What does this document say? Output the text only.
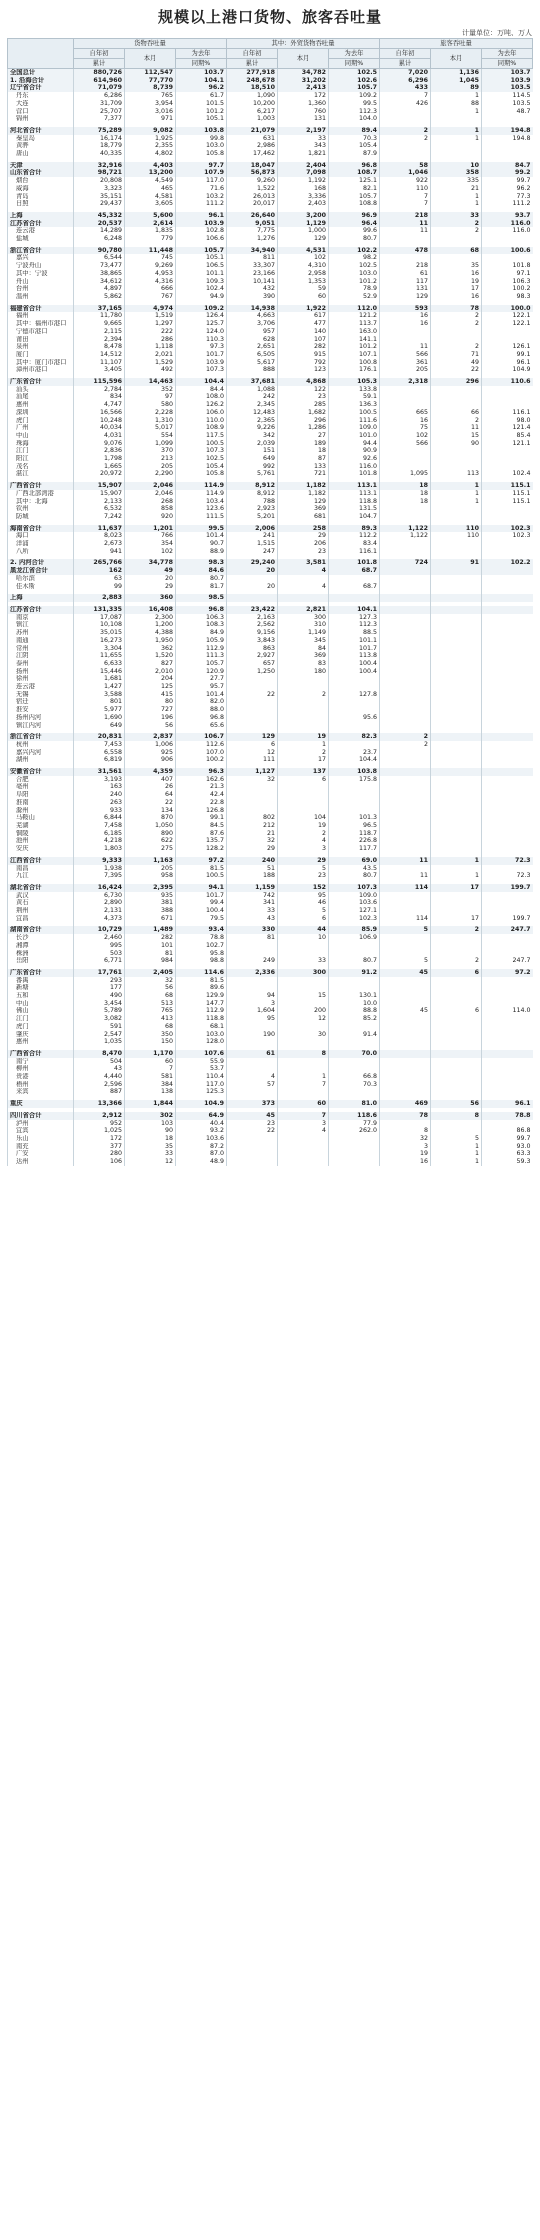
规模以上港口货物、旅客吞吐量
计量单位：万吨、万人
	货物吞吐量			其中：外贸货物吞吐量			旅客吞吐量		
	自年初	本月	为去年	自年初	本月	为去年	自年初	本月	为去年
	累计		同期%	累计		同期%	累计		同期%
全国总计	880,726	112,547	103.7	277,918	34,782	102.5	7,020	1,136	103.7
1. 沿海合计	614,960	77,770	104.1	248,678	31,202	102.6	6,296	1,045	103.9
辽宁省合计	71,079	8,739	96.2	18,510	2,413	105.7	433	89	103.5
丹东	6,286	765	61.7	1,090	172	109.2	7	1	114.5
大连	31,709	3,954	101.5	10,200	1,360	99.5	426	88	103.5
营口	25,707	3,016	101.2	6,217	760	112.3		1	48.7
锦州	7,377	971	105.1	1,003	131	104.0			

河北省合计	75,289	9,082	103.8	21,079	2,197	89.4	2	1	194.8
秦皇岛	16,174	1,925	99.8	631	33	70.3	2	1	194.8
黄骅	18,779	2,355	103.0	2,986	343	105.4			
唐山	40,335	4,802	105.8	17,462	1,821	87.9			

天津	32,916	4,403	97.7	18,047	2,404	96.8	58	10	84.7
山东省合计	98,721	13,200	107.9	56,873	7,098	108.7	1,046	358	99.2
烟台	20,808	4,549	117.0	9,260	1,192	125.1	922	335	99.7
威海	3,323	465	71.6	1,522	168	82.1	110	21	96.2
青岛	35,151	4,581	103.2	26,013	3,336	105.7	7	1	77.3
日照	29,437	3,605	111.2	20,017	2,403	108.8	7	1	111.2

上海	45,332	5,600	96.1	26,640	3,200	96.9	218	33	93.7
江苏省合计	20,537	2,614	103.9	9,051	1,129	96.4	11	2	116.0
连云港	14,289	1,835	102.8	7,775	1,000	99.6	11	2	116.0
盐城	6,248	779	106.6	1,276	129	80.7			

浙江省合计	90,780	11,448	105.7	34,940	4,531	102.2	478	68	100.6
嘉兴	6,544	745	105.1	811	102	98.2			
宁波舟山	73,477	9,269	106.5	33,307	4,310	102.5	218	35	101.8
其中：宁波	38,865	4,953	101.1	23,166	2,958	103.0	61	16	97.1
舟山	34,612	4,316	109.3	10,141	1,353	101.2	117	19	106.3
台州	4,897	666	102.4	432	59	78.9	131	17	100.2
温州	5,862	767	94.9	390	60	52.9	129	16	98.3

福建省合计	37,165	4,974	109.2	14,938	1,922	112.0	593	78	100.0
福州	11,780	1,519	126.4	4,663	617	121.2	16	2	122.1
其中：福州市港口	9,665	1,297	125.7	3,706	477	113.7	16	2	122.1
宁德市港口	2,115	222	124.0	957	140	163.0			
莆田	2,394	286	110.3	628	107	141.1			
泉州	8,478	1,118	97.3	2,651	282	101.2	11	2	126.1
厦门	14,512	2,021	101.7	6,505	915	107.1	566	71	99.1
其中：厦门市港口	11,107	1,529	103.9	5,617	792	100.8	361	49	96.1
漳州市港口	3,405	492	107.3	888	123	176.1	205	22	104.9

广东省合计	115,596	14,463	104.4	37,681	4,868	105.3	2,318	296	110.6
汕头	2,784	352	84.4	1,088	122	133.8			
汕尾	834	97	108.0	242	23	59.1			
惠州	4,747	580	126.2	2,345	285	136.3			
深圳	16,566	2,228	106.0	12,483	1,682	100.5	665	66	116.1
虎门	10,248	1,310	110.0	2,365	296	111.6	16	2	98.0
广州	40,034	5,017	108.9	9,226	1,286	109.0	75	11	121.4
中山	4,031	554	117.5	342	27	101.0	102	15	85.4
珠海	9,076	1,099	100.5	2,039	189	94.4	566	90	121.1
江门	2,836	370	107.3	151	18	90.9			
阳江	1,798	213	102.5	649	87	92.6			
茂名	1,665	205	105.4	992	133	116.0			
湛江	20,972	2,290	105.8	5,761	721	101.8	1,095	113	102.4

广西省合计	15,907	2,046	114.9	8,912	1,182	113.1	18	1	115.1
广西北部湾港	15,907	2,046	114.9	8,912	1,182	113.1	18	1	115.1
其中：北海	2,133	268	103.4	788	129	118.8	18	1	115.1
钦州	6,532	858	123.6	2,923	369	131.5			
防城	7,242	920	111.5	5,201	681	104.7			

海南省合计	11,637	1,201	99.5	2,006	258	89.3	1,122	110	102.3
海口	8,023	766	101.4	241	29	112.2	1,122	110	102.3
洋浦	2,673	354	90.7	1,515	206	83.4			
八所	941	102	88.9	247	23	116.1			

2. 内河合计	265,766	34,778	98.3	29,240	3,581	101.8	724	91	102.2
黑龙江省合计	162	49	84.6	20	4	68.7			
哈尔滨	63	20	80.7						
佳木斯	99	29	81.7	20	4	68.7			

上海	2,883	360	98.5						

江苏省合计	131,335	16,408	96.8	23,422	2,821	104.1			
南京	17,087	2,300	106.3	2,163	300	127.3			
镇江	10,108	1,200	108.3	2,562	310	112.3			
苏州	35,015	4,388	84.9	9,156	1,149	88.5			
南通	16,273	1,950	105.9	3,843	345	101.1			
常州	3,304	362	112.9	863	84	101.7			
江阴	11,655	1,520	111.3	2,927	369	113.8			
泰州	6,633	827	105.7	657	83	100.4			
扬州	15,446	2,010	120.9	1,250	180	100.4			
徐州	1,681	204	27.7						
连云港	1,427	125	95.7						
无锡	3,588	415	101.4	22	2	127.8			
宿迁	801	80	82.0						
淮安	5,977	727	88.0						
扬州内河	1,690	196	96.8			95.6			
镇江内河	649	56	65.6						

浙江省合计	20,831	2,837	106.7	129	19	82.3	2		
杭州	7,453	1,006	112.6	6	1		2		
嘉兴内河	6,558	925	107.0	12	2	23.7			
湖州	6,819	906	100.2	111	17	104.4			

安徽省合计	31,561	4,359	96.3	1,127	137	103.8			
合肥	3,193	407	162.6	32	6	175.8			
亳州	163	26	21.3						
阜阳	240	64	42.4						
淮南	263	22	22.8						
滁州	933	134	126.8						
马鞍山	6,844	870	99.1	802	104	101.3			
芜湖	7,458	1,050	84.5	212	19	96.5			
铜陵	6,185	890	87.6	21	2	118.7			
池州	4,218	622	135.7	32	4	226.8			
安庆	1,803	275	128.2	29	3	117.7			

江西省合计	9,333	1,163	97.2	240	29	69.0	11	1	72.3
南昌	1,938	205	81.5	51	5	43.5			
九江	7,395	958	100.5	188	23	80.7	11	1	72.3

湖北省合计	16,424	2,395	94.1	1,159	152	107.3	114	17	199.7
武汉	6,730	935	101.7	742	95	109.0			
黄石	2,890	381	99.4	341	46	103.6			
荆州	2,131	388	100.4	33	5	127.1			
宜昌	4,373	671	79.5	43	6	102.3	114	17	199.7

湖南省合计	10,729	1,489	93.4	330	44	85.9	5	2	247.7
长沙	2,460	282	78.8	81	10	106.9			
湘潭	995	101	102.7						
株洲	503	81	95.8						
岳阳	6,771	984	98.8	249	33	80.7	5	2	247.7

广东省合计	17,761	2,405	114.6	2,336	300	91.2	45	6	97.2
番禺	293	32	81.5						
新塘	177	56	89.6						
五和	490	68	129.9	94	15	130.1			
中山	3,454	513	147.7	3		10.0			
佛山	5,789	765	112.9	1,604	200	88.8	45	6	114.0
江门	3,082	413	118.8	95	12	85.2			
虎门	591	68	68.1						
肇庆	2,547	350	103.0	190	30	91.4			
惠州	1,035	150	128.0						

广西省合计	8,470	1,170	107.6	61	8	70.0			
南宁	504	60	55.9						
柳州	43	7	53.7						
贵港	4,440	581	110.4	4	1	66.8			
梧州	2,596	384	117.0	57	7	70.3			
来宾	887	138	125.3						

重庆	13,366	1,844	104.9	373	60	81.0	469	56	96.1

四川省合计	2,912	302	64.9	45	7	118.6	78	8	78.8
泸州	952	103	40.4	23	3	77.9			
宜宾	1,025	90	93.2	22	4	262.0	8		86.8
乐山	172	18	103.6				32	5	99.7
南充	377	35	87.2				3	1	93.0
广安	280	33	87.0				19	1	63.3
达州	106	12	48.9				16	1	59.3
